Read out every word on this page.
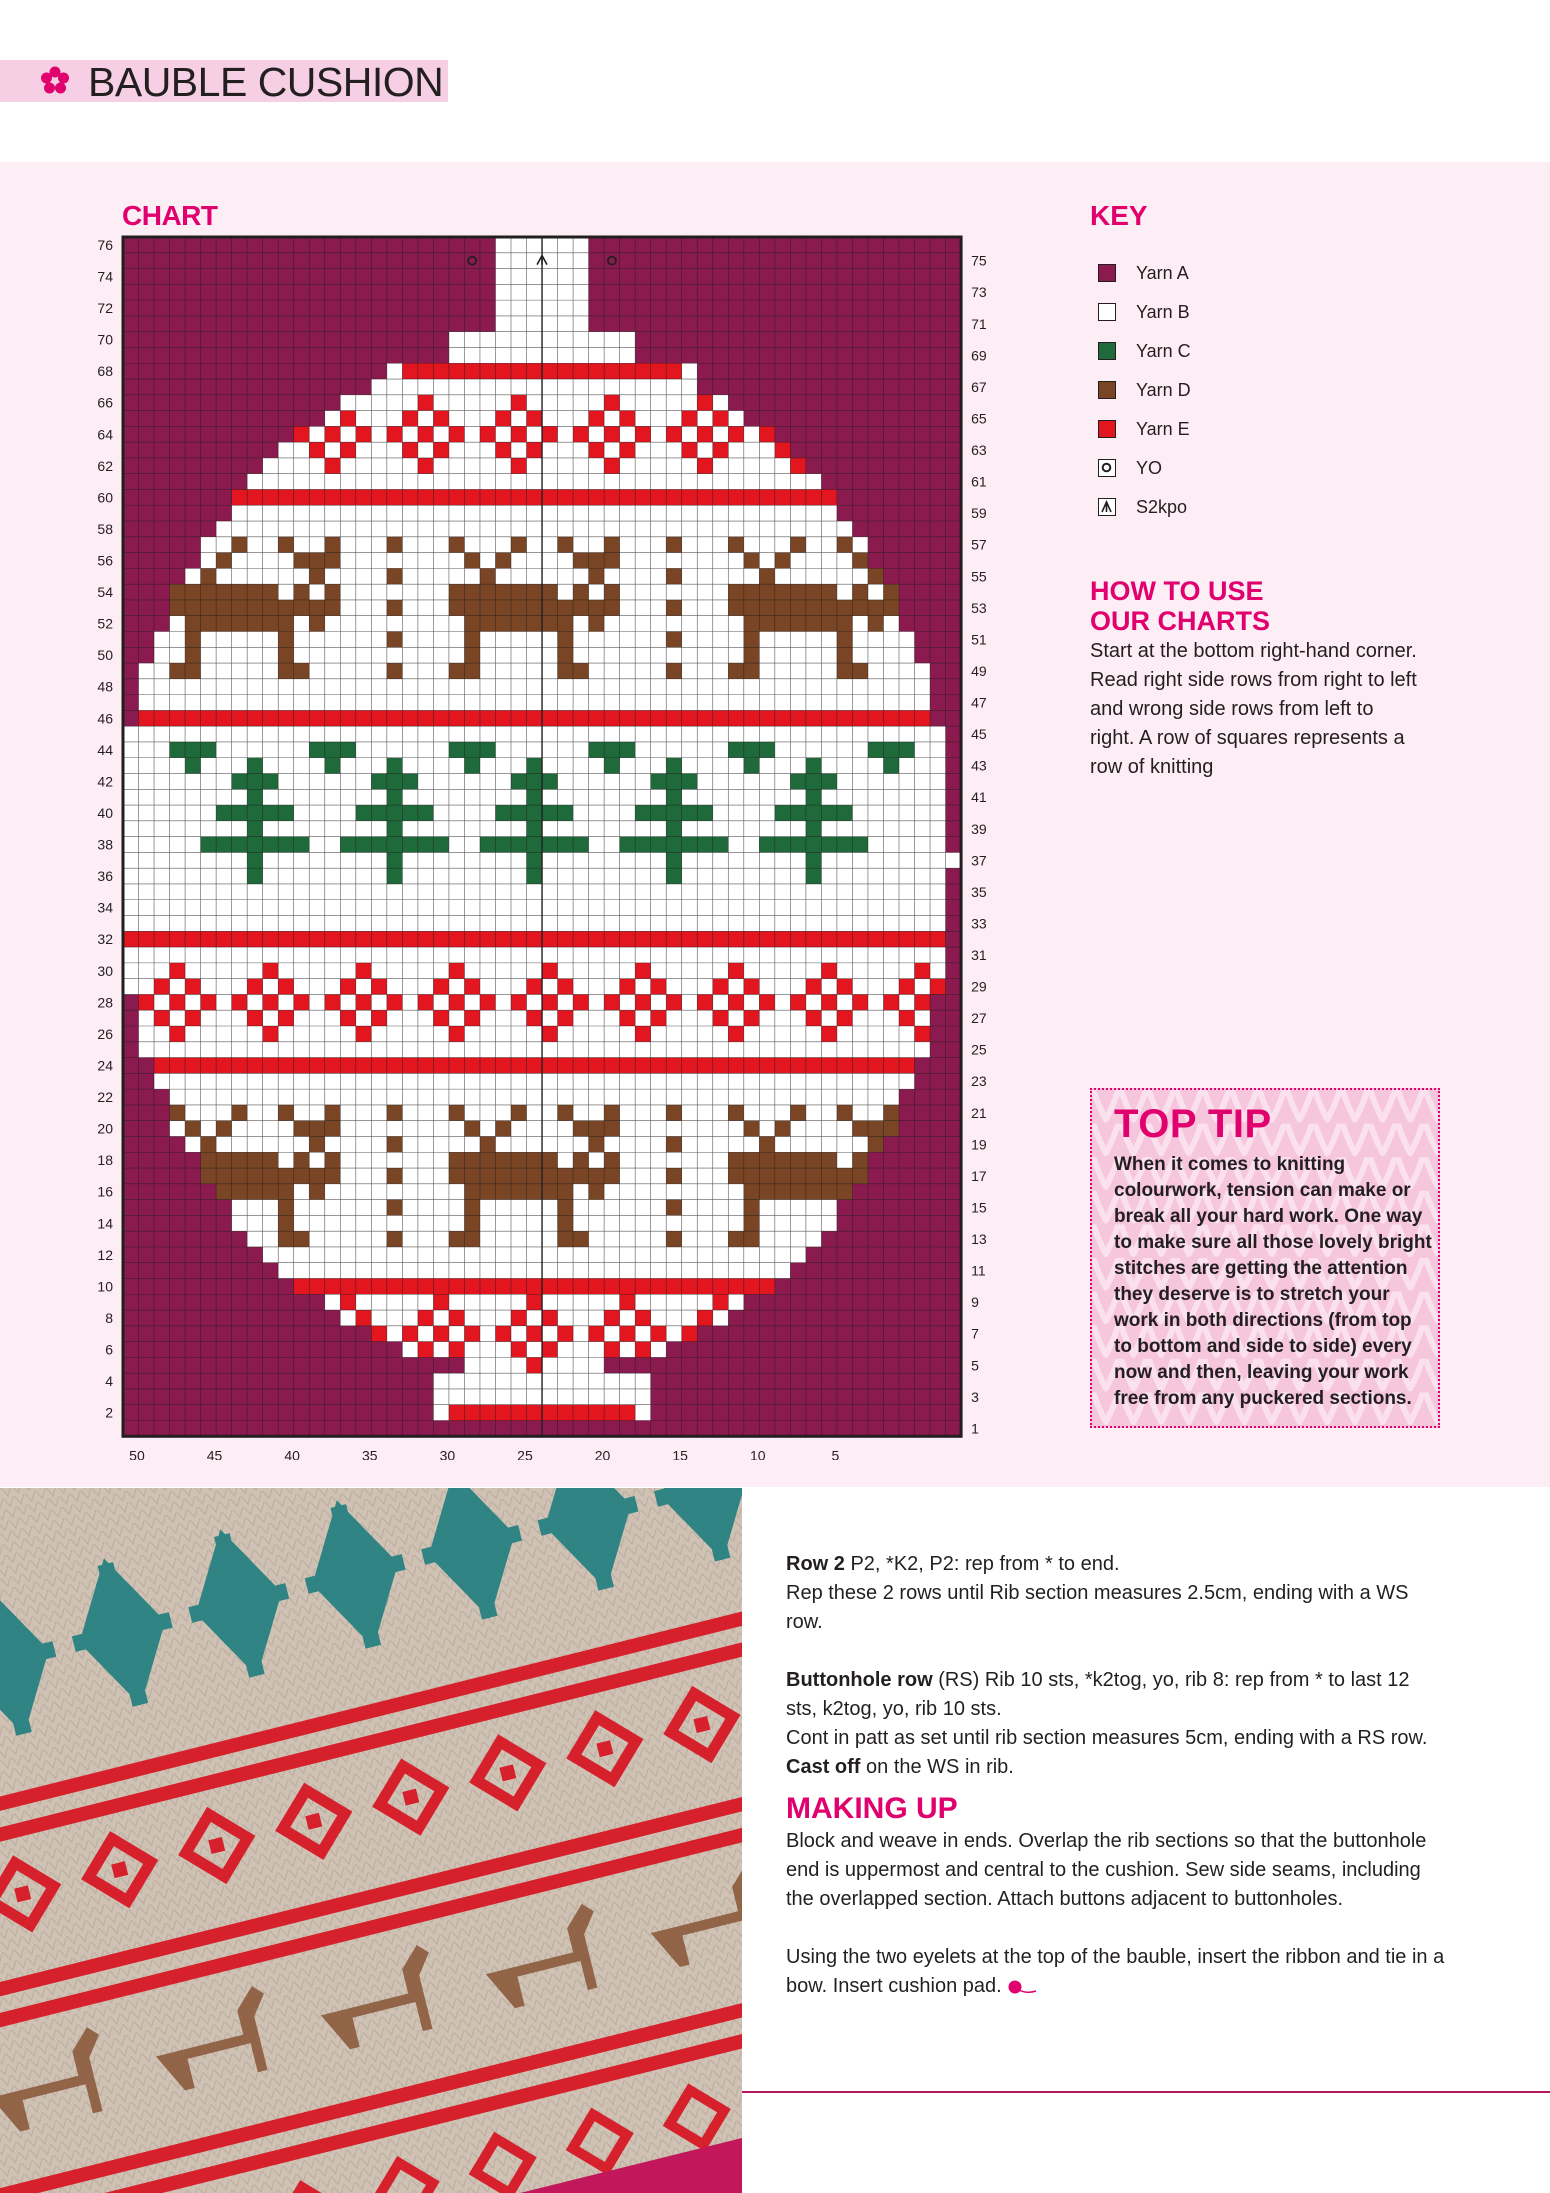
BAUBLE CUSHION
CHART
76
74
72
70
68
66
64
62
60
58
56
54
52
50
48
46
44
42
40
38
36
34
32
30
28
26
24
22
20
18
16
14
12
10
8
6
4
2
75
73
71
69
67
65
63
61
59
57
55
53
51
49
47
45
43
41
39
37
35
33
31
29
27
25
23
21
19
17
15
13
11
9
7
5
3
1
50	45	40	35	30	25	20	15	10	5
KEY
Yarn A
Yarn B
Yarn C
Yarn D
Yarn E
YO
S2kpo
HOW TO USE
OUR CHARTS
Start at the bottom right-hand corner. Read right side rows from right to left and wrong side rows from left to right. A row of squares represents a row of knitting
TOP TIP
When it comes to knitting colourwork, tension can make or break all your hard work. One way to make sure all those lovely bright stitches are getting the attention they deserve is to stretch your work in both directions (from top to bottom and side to side) every now and then, leaving your work free from any puckered sections.

Row 2 P2, *K2, P2: rep from * to end.

Rep these 2 rows until Rib section measures 2.5cm, ending with a WS row.

Buttonhole row (RS) Rib 10 sts, *k2tog, yo, rib 8: rep from * to last 12 sts, k2tog, yo, rib 10 sts.

Cont in patt as set until rib section measures 5cm, ending with a RS row.

Cast off on the WS in rib.

MAKING UP

Block and weave in ends. Overlap the rib sections so that the buttonhole end is uppermost and central to the cushion. Sew side seams, including the overlapped section. Attach buttons adjacent to buttonholes.

Using the two eyelets at the top of the bauble, insert the ribbon and tie in a bow. Insert cushion pad.
